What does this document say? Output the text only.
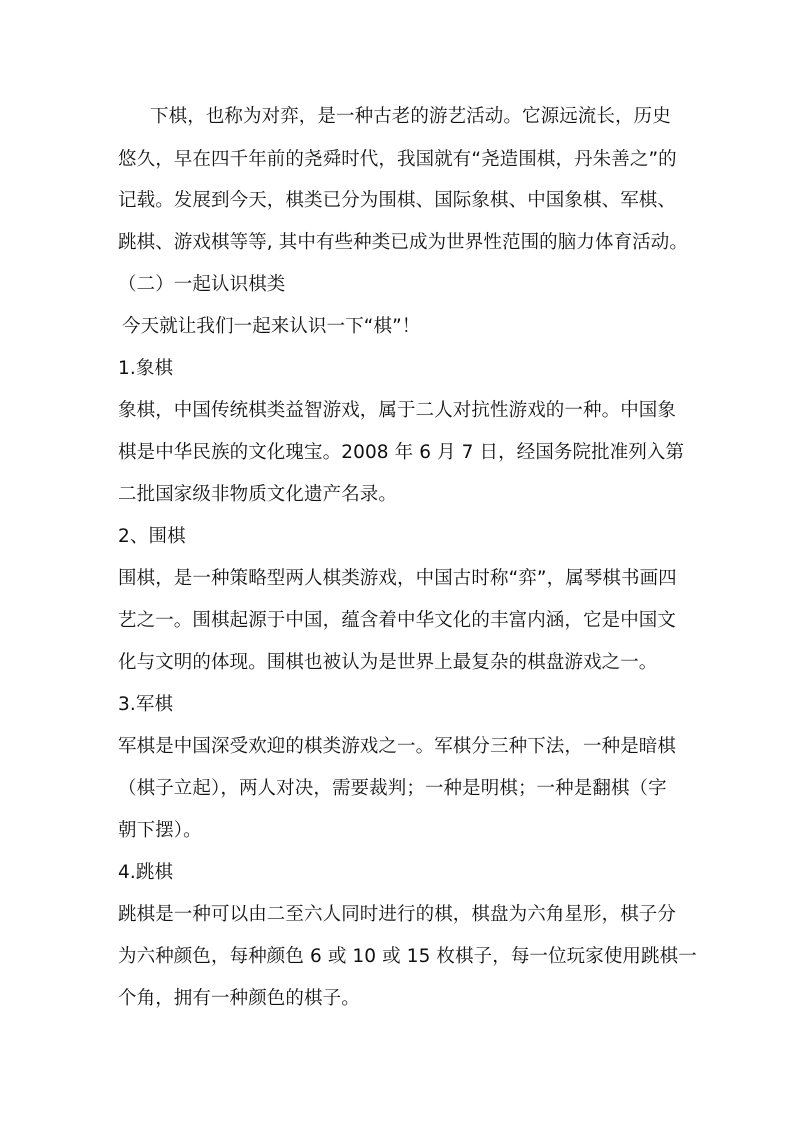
下棋，也称为对弈，是一种古老的游艺活动。它源远流长，历史
悠久，早在四千年前的尧舜时代，我国就有“尧造围棋，丹朱善之”的
记载。发展到今天，棋类已分为围棋、国际象棋、中国象棋、军棋、
跳棋、游戏棋等等, 其中有些种类已成为世界性范围的脑力体育活动。
（二）一起认识棋类
今天就让我们一起来认识一下“棋”！
1.象棋
象棋，中国传统棋类益智游戏，属于二人对抗性游戏的一种。中国象
棋是中华民族的文化瑰宝。2008 年 6 月 7 日，经国务院批准列入第
二批国家级非物质文化遗产名录。
2、围棋
围棋，是一种策略型两人棋类游戏，中国古时称“弈”，属琴棋书画四
艺之一。围棋起源于中国，蕴含着中华文化的丰富内涵，它是中国文
化与文明的体现。围棋也被认为是世界上最复杂的棋盘游戏之一。
3.军棋
军棋是中国深受欢迎的棋类游戏之一。军棋分三种下法，一种是暗棋
（棋子立起），两人对决，需要裁判；一种是明棋；一种是翻棋（字
朝下摆）。
4.跳棋
跳棋是一种可以由二至六人同时进行的棋，棋盘为六角星形，棋子分
为六种颜色，每种颜色 6 或 10 或 15 枚棋子，每一位玩家使用跳棋一
个角，拥有一种颜色的棋子。
